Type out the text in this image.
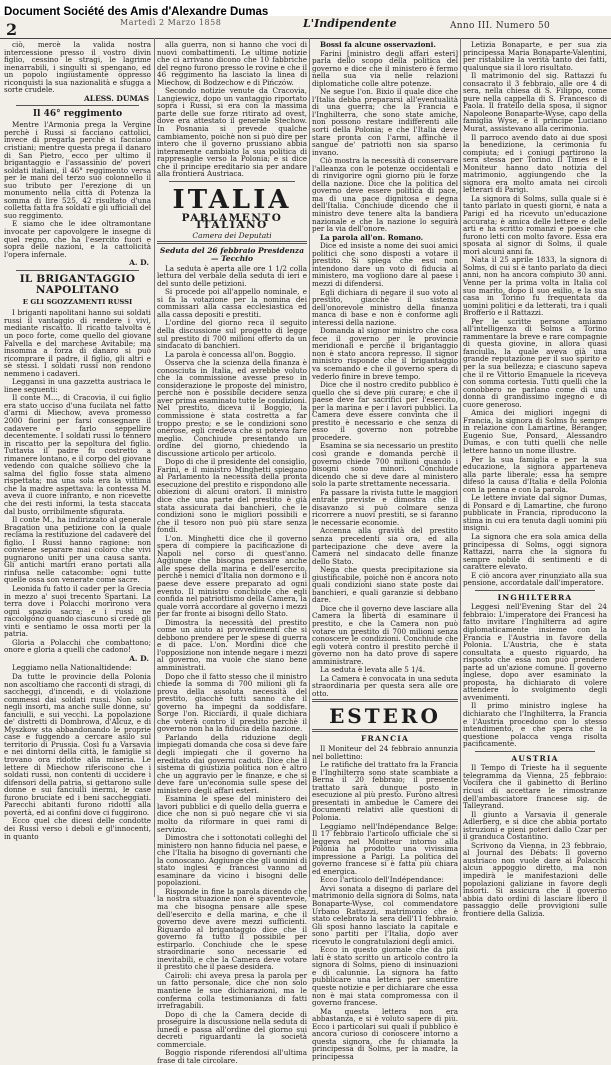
Document Société des Amis d'Alexandre Dumas
2	Martedì 2 Marzo 1858	L'Indipendente	Anno III. Numero 50

ciò, mercè la valida nostra intercessione presso il vostro divin figlio, cessino le stragi, le lagrime inenarrabili, i singulti si spengano, ed un popolo ingiustamente oppresso riconquisti la sua nazionalità e sfugga a sorte crudele.

ALESS. DUMAS
Il 46° reggimento

Mentre l'Armonia prega la Vergine perchè i Russi si facciano cattolici, invece di pregarla perchè si facciano cristiani; mentre questa prega il danaro di San Pietro, ecco per ultimo il brigantaggio e l'assassinio de' poveri soldati italiani, il 46° reggimento versa per le mani del terzo suo colonnello il suo tributo per l'erezione di un monumento nella città di Potenza la somma di lire 525, 42 risultato d'una colletta fatta fra soldati e gli ufficiali del suo reggimento.

E siamo che le idee oltramontane invocate per capovolgere le insegne di quel regno, che ha l'esercito fuori e sopra delle nazioni, e la cattolicità l'opera infernale.

A. D.
IL BRIGANTAGGIO NAPOLITANO
E GLI SGOZZAMENTI RUSSI

I briganti napolitani hanno sui soldati russi il vantaggio di rendere i vivi, mediante riscatto. Il ricatto talvolta è un poco forte, come quello del giovane Falvella e del marchese Avitabile; ma insomma a forza di danaro si può ricomprare il padre, il figlio, gli altri e sè stessi. I soldati russi non rendono nemmeno i cadaveri.

Leggansi in una gazzetta austriaca le linee seguenti:

Il conte M..., di Cracovia, il cui figlio era stato ucciso d'una fucilata nel fatto d'armi di Miechow, aveva promesso 2000 fiorini per farsi consegnare il cadavere e farlo seppellire decentemente. I soldati russi lo tennero in riscatto per la sepoltura del figlio. Tuttavia il padre fu costretto a rimanere lontano, e il corpo del giovane vedendo con qualche sollievo che la salma del figlio fosse stata almeno rispettata; ma una sola era la vittima che la madre aspettava: la contessa M. aveva il cuore infranto, e non ricevette che dei resti informi, la testa staccata dal busto, orribilmente sfigurata.

Il conte M., ha indirizzato al generale Bragation una petizione con la quale reclama la restituzione del cadavere del figlio. I Russi hanno ragione: non conviene separare mai coloro che vivi pugnarono uniti per una causa santa. Gli antichi martiri erano portati alla rinfusa nelle catacombe: ogni tutte quelle ossa son venerate come sacre.

Leonida fu fatto il cader per la Grecia in mezzo a' suoi trecento Spartani. La terra dove i Polacchi morirono vera ogni spazio sacra; e i russi ne raccolgono quando ciascuno si credè gli vinti e sentiamo le ossa morti per la patria.

Gloria a Polacchi che combattono; onore e gloria a quelli che cadono!

A. D.

Leggiamo nella Nationaltidende:

Da tutte le provincie della Polonia non ascoltiamo che racconti di stragi, di saccheggi, d'incendi, e di violazione commessi dai soldati russi. Non solo negli insorti, ma anche sulle donne, su' fanciulli, e sui vecchi. La popolazione de' distretti di Dombrowa, d'Alcuz, e di Myszkow sta abbandonando le proprie case e fuggendo a cercare asilo sul territorio di Prussia. Così fu a Varsavia e nei dintorni della città, le famiglie si trovano ora ridotte alla miseria. Le lettere di Miechow riferiscono che i soldati russi, non contenti di uccidere i difensori della patria, si gettarono sulle donne e sui fanciulli inermi, le case furono bruciate ed i beni saccheggiati. Parecchi abitanti furono ridotti alla povertà, ed ai confini dove ci fuggirono.

Ecco quel che dicesi delle condotte dei Russi verso i deboli e gl'innocenti, in quanto

alla guerra, non si hanno che voci di nuovi combattimenti. Le ultime notizie che ci arrivano dicono che 10 fabbriche del regno furono presso le rovine e che il 46 reggimento ha lasciato la linea di Miechow, di Bodzechow e di Pińczów.

Secondo notizie venute da Cracovia, Langiewicz, dopo un vantaggio riportato sopra i Russi, si era con la massima parte delle sue forze ritirato ad ovest, dove era attestato il generale Stechow. In Posnania si prevede qualche cambiamento, poichè non si può dire per intero che il governo prussiano abbia interamente cambiato la sua politica di rappresaglie verso la Polonia; e si dice che il principe ereditario sia per andare alla frontiera Austriaca.

ITALIA
PARLAMENTO ITALIANO
Camera dei Deputati
Seduta del 26 febbraio Presidenza — Tecchio

La seduta è aperta alle ore 1 1/2 colla lettura del verbale della seduta di ieri e del sunto delle petizioni.

Si procede poi all'appello nominale, e si fa la votazione per la nomina dei commissari alla cassa ecclesiastica ed alla cassa depositi e prestiti.

L'ordine del giorno reca il seguito della discussione sul progetto di legge sul prestito di 700 milioni offerto da un sindacato di banchieri.

La parola è concessa all'on. Boggio.

Osserva che la scienza della finanza è conosciuta in Italia, ed avrebbe voluto che la commissione avesse preso in considerazione le proposte del ministro, perchè non è possibile decidere senza aver prima esaminato tutte le condizioni. Nel prestito, diceva il Boggio, la commissione è stata costretta a far troppo presto; e se le condizioni sono onerose, egli credeva che si poteva fare meglio. Conchiude presentando un ordine del giorno, chiedendo la discussione articolo per articolo.

Dopo di che il presidente del consiglio, Farini, e il ministro Minghetti spiegano al Parlamento la necessità della pronta esecuzione del prestito e rispondono alle obiezioni di alcuni oratori. Il ministro dice che una parte del prestito è già stata assicurata dai banchieri, che le condizioni sono le migliori possibili e che il tesoro non può più stare senza fondi.

L'on. Minghetti dice che il governo spera di compiere la pacificazione di Napoli nel corso di quest'anno. Aggiunge che bisogna pensare anche alle spese della marina e dell'esercito, perchè i nemici d'Italia non dormono e il paese deve essere preparato ad ogni evento. Il ministro conchiude che egli confida nel patriottismo della Camera, la quale vorrà accordare al governo i mezzi per far fronte ai bisogni dello Stato.

Dimostra la necessità del prestito come un aiuto ai provvedimenti che si debbono prendere per le spese di guerra e di pace. L'on. Mordini dice che l'opposizione non intende negare i mezzi al governo, ma vuole che siano bene amministrati.

Dopo che il fatto stesso che il ministro chiede la somma di 700 milioni gli fa prova della assoluta necessità del prestito, giacchè tutti sanno che il governo ha impegni da soddisfare. Sorge l'on. Ricciardi, il quale dichiara che voterà contro il prestito perchè il governo non ha la fiducia della nazione.

Parlando della riduzione degli impiegati domanda che cosa si deve fare degli impiegati che il governo ha ereditato dai governi caduti. Dice che il sistema di giustizia politica non è altro che un aggravio per le finanze, e che si deve fare un'economia sulle spese del ministero degli affari esteri.

Esamina le spese del ministero dei lavori pubblici e di quello della guerra e dice che non si può negare che vi sia molto da riformare in quei rami di servizio.

Dimostra che i sottonotati colleghi del ministero non hanno fiducia nel paese, e che l'Italia ha bisogno di governanti che la conoscano. Aggiunge che gli uomini di stato inglesi e francesi vanno ad esaminare da vicino i bisogni delle popolazioni.

Risponde in fine la parola dicendo che la nostra situazione non è spaventevole, ma che bisogna pensare alle spese dell'esercito e della marina, e che il governo deve avere mezzi sufficienti. Riguardo al brigantaggio dice che il governo fa tutto il possibile per estirparlo. Conchiude che le spese straordinarie sono necessarie ed inevitabili, e che la Camera deve votare il prestito che il paese desidera.

Cairoli: chi aveva presa la parola per un fatto personale, dice che non solo mantiene le sue dichiarazioni, ma le conferma colla testimonianza di fatti irrefragabili.

Dopo di che la Camera decide di proseguire la discussione nella seduta di lunedì e passa all'ordine del giorno sui decreti riguardanti la società commerciale.

Boggio risponde riferendosi all'ultima frase di tale circolare.

Bossi fa alcune osservazioni.

Farini [ministro degli affari esteri] parla dello scopo della politica del governo e dice che il ministero è fermo nella sua via nelle relazioni diplomatiche colle altre potenze.

Ne segue l'on. Bixio il quale dice che l'Italia debba prepararsi all'eventualità di una guerra; che la Francia e l'Inghilterra, che sono state amiche, non possono restare indifferenti alle sorti della Polonia; e che l'Italia deve stare pronta con l'armi, affinchè il sangue de' patriotti non sia sparso invano.

Ciò mostra la necessità di conservare l'alleanza con le potenze occidentali e di rinvigorire ogni giorno più le forze della nazione. Dice che la politica del governo deve essere politica di pace, ma di una pace dignitosa e degna dell'Italia. Conchiude dicendo che il ministro deve tenere alta la bandiera nazionale e che la nazione lo seguirà per la via dell'onore.

La parola all'on. Romano.

Dice ed insiste a nome dei suoi amici politici che sono disposti a votare il prestito. Si spiega che essi non intendono dare un voto di fiducia al ministero, ma vogliono dare al paese i mezzi di difendersi.

Egli dichiara di negare il suo voto al prestito, giacchè il sistema dell'onorevole ministro della finanza manca di base e non è conforme agli interessi della nazione.

Domanda al signor ministro che cosa fece il governo per le provincie meridionali e perchè il brigantaggio non è stato ancora represso. Il signor ministro risponde che il brigantaggio va scemando e che il governo spera di vederlo finire in breve tempo.

Dice che il nostro credito pubblico è quello che si deve più curare; e che il paese deve far sacrifici per l'esercito, per la marina e per i lavori pubblici. La Camera deve essere convinta che il prestito è necessario e che senza di esso il governo non potrebbe procedere.

Esamina se sia necessario un prestito così grande e domanda perchè il governo chiede 700 milioni quando i bisogni sono minori. Conchiude dicendo che si deve dare al ministero solo la parte strettamente necessaria.

Fa passare la rivista tutte le maggiori entrate previste e dimostra che il disavanzo si può colmare senza ricorrere a nuovi prestiti, se si faranno le necessarie economie.

Accenna alla gravità del prestito senza precedenti sia ora, ed alla partecipazione che deve avere la Camera nel sindacato delle finanze dello Stato.

Nega che questa precipitazione sia giustificabile, poichè non è ancora noto quali condizioni siano state poste dai banchieri, e quali garanzie si debbano dare.

Dice che il governo deve lasciare alla Camera la libertà di esaminare il prestito, e che la Camera non può votare un prestito di 700 milioni senza conoscere le condizioni. Conchiude che egli voterà contro il prestito perchè il governo non ha dato prove di sapere amministrare.

La seduta è levata alle 5 1/4.

La Camera è convocata in una seduta straordinaria per questa sera alle ore otto.

ESTERO
FRANCIA

Il Moniteur del 24 febbraio annunzia nel bollettino:

Le ratifiche del trattato fra la Francia e l'Inghilterra sono state scambiate a Berna il 20 febbraio; il presente trattato sarà dunque posto in esecuzione al più presto. Furono altresì presentati in ambedue le Camere dei documenti relativi alle questioni di Polonia.

Leggiamo nell'Indépendance Belge: Il 17 febbraio l'articolo ufficiale che si leggeva nel Moniteur intorno alla Polonia ha prodotto una vivissima impressione a Parigi. La politica del governo francese si è fatta più chiara ed energica.

Ecco l'articolo dell'Indépendance:

Avvi sonata a disegno di parlare del matrimonio della signora di Solms, nata Bonaparte-Wyse, col commendatore Urbano Rattazzi, matrimonio che è stato celebrato la sera dell'11 febbraio. Gli sposi hanno lasciato la capitale e sono partiti per l'Italia, dopo aver ricevuto le congratulazioni degli amici.

Ecco in questo giornale che da più lati è stato scritto un articolo contro la signora di Solms, pieno di insinuazioni e di calunnie. La signora ha fatto pubblicare una lettera per smentire queste notizie e per dichiarare che essa non è mai stata compromessa con il governo francese.

Ma questa lettera non era abbastanza, e si è voluto sapere di più. Ecco i particolari sui quali il pubblico è ancora curioso di conoscere intorno a questa signora, che fu chiamata la principessa di Solms, per la madre, la principessa

Letizia Bonaparte, e per sua zia principessa Maria Bonaparte-Valentini, per ristabilire la verità tanto dei fatti, qualunque sia il loro risultato.

Il matrimonio del sig. Rattazzi fu consacrato il 3 febbraio, alle ore 4 di sera, nella chiesa di S. Filippo, come pure nella cappella di S. Francesco di Paola. Il fratello della sposa, il signor Napoleone Bonaparte-Wyse, capo della famiglia Wyse, e il principe Luciano Murat, assistevano alla cerimonia.

Il parroco avendo dato ai due sposi la benedizione, la cerimonia fu compiuta; ed i coniugi partirono la sera stessa per Torino. Il Times e il Moniteur hanno dato notizia del matrimonio, aggiungendo che la signora era molto amata nei circoli letterari di Parigi.

La signora di Solms, sulla quale si è tanto parlato in questi giorni, è nata a Parigi ed ha ricevuto un'educazione accurata; è amica delle lettere e delle arti e ha scritto romanzi e poesie che furono letti con molto favore. Essa era sposata al signor di Solms, il quale morì alcuni anni fa.

Nata il 25 aprile 1833, la signora di Solms, di cui si è tanto parlato da dieci anni, non ha ancora compiuto 30 anni. Venne per la prima volta in Italia col suo marito, dopo il suo esilio, e la sua casa in Torino fu frequentata da uomini politici e da letterati, tra i quali Brofferio e il Rattazzi.

Per le scritte persone amiamo all'intelligenza di Solms a Torino rammentare la breve e rare compagnie di questa giovine, in allora quasi fanciulla, la quale aveva già una grande reputazione per il suo spirito e per la sua bellezza; e ciascuno sapeva che il re Vittorio Emanuele la riceveva con somma cortesia. Tutti quelli che la conobbero ne parlano come di una donna di grandissimo ingegno e di cuore generoso.

Amica dei migliori ingegni di Francia, la signora di Solms fu sempre in relazione con Lamartine, Béranger, Eugenio Sue, Ponsard, Alessandro Dumas, e con tutti quelli che nelle lettere hanno un nome illustre.

Per la sua famiglia e per la sua educazione, la signora apparteneva alla parte liberale; essa ha sempre difeso la causa d'Italia e della Polonia con la penna e con la parola.

Le lettere inviate dal signor Dumas, di Ponsard e di Lamartine, che furono pubblicate in Francia, riproducono la stima in cui era tenuta dagli uomini più insigni.

La signora che era sola amica della principessa di Solms, oggi signora Rattazzi, narra che la signora fu sempre nobile di sentimenti e di carattere elevato.

E ciò ancora aver rinunziato alla sua pensione, accordatale dall'imperatore.

INGHILTERRA

Leggesi nell'Evening Star del 24 febbraio: L'imperatore dei Francesi ha fatto invitare l'Inghilterra ad agire diplomaticamente insieme con la Francia e l'Austria in favore della Polonia. L'Austria, che è stata consultata a questo riguardo, ha risposto che essa non può prendere parte ad un'azione comune. Il governo inglese, dopo aver esaminato la proposta, ha dichiarato di volere attendere lo svolgimento degli avvenimenti.

Il primo ministro inglese ha dichiarato che l'Inghilterra, la Francia e l'Austria procedono con lo stesso intendimento, e che spera che la questione polacca venga risolta pacificamente.

AUSTRIA

Il Tempo di Trieste ha il seguente telegramma da Vienna, 25 febbraio: Vocifera che il gabinetto di Berlino ricusi di accettare le rimostranze dell'ambasciatore francese sig. de Talleyrand.

Il giunto a Varsavia il generale Adlerberg, e si dice che abbia portato istruzioni e pieni poteri dallo Czar per il granduca Costantino.

Scrivono da Vienna, in 23 febbraio, al Journal des Débats: Il governo austriaco non vuole dare ai Polacchi alcun appoggio diretto, ma non impedirà le manifestazioni delle popolazioni galiziane in favore degli insorti. Si assicura che il governo abbia dato ordini di lasciare libero il passaggio delle provvigioni sulle frontiere della Galizia.
